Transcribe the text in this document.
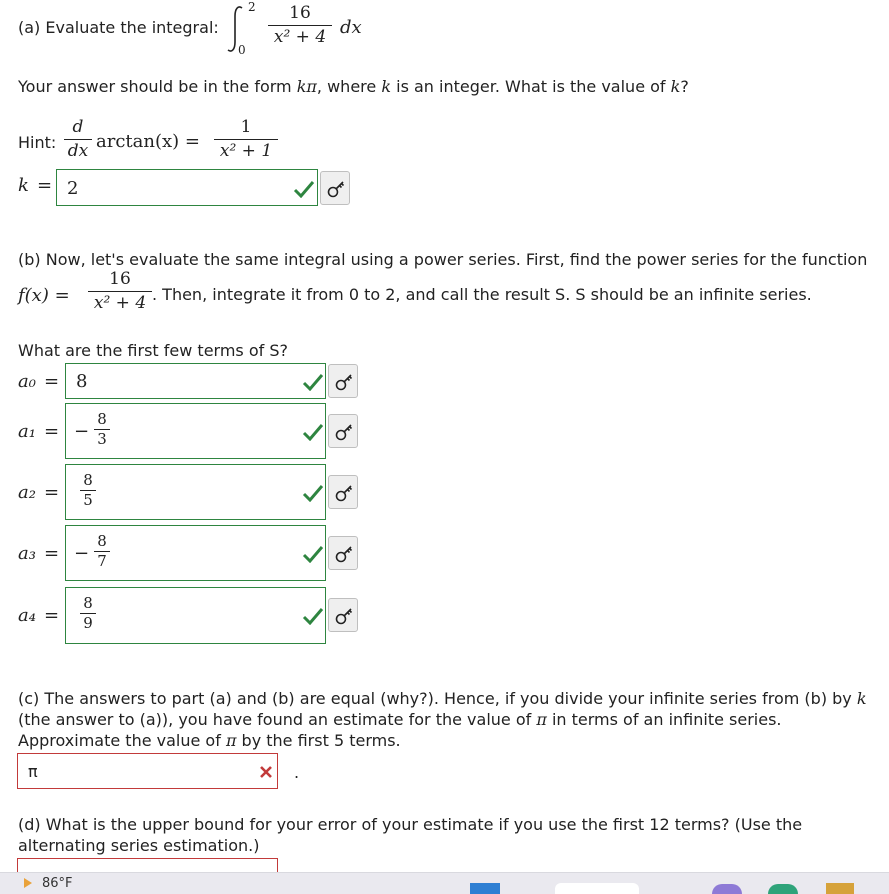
(a) Evaluate the integral:
2
0
16
x² + 4 dx
Your answer should be in the form kπ, where k is an integer. What is the value of k?
Hint:
d
dx arctan(x) =
1
x² + 1
k = 2
(b) Now, let's evaluate the same integral using a power series. First, find the power series for the function
f(x) =
16
x² + 4 . Then, integrate it from 0 to 2, and call the result S. S should be an infinite series.
What are the first few terms of S?
a₀ = 8
a₁ = −
8
3
a₂ =
8
5
a₃ = −
8
7
a₄ =
8
9
(c) The answers to part (a) and (b) are equal (why?). Hence, if you divide your infinite series from (b) by k
(the answer to (a)), you have found an estimate for the value of π in terms of an infinite series.
Approximate the value of π by the first 5 terms.
π	.
(d) What is the upper bound for your error of your estimate if you use the first 12 terms? (Use the
alternating series estimation.)
86°F
